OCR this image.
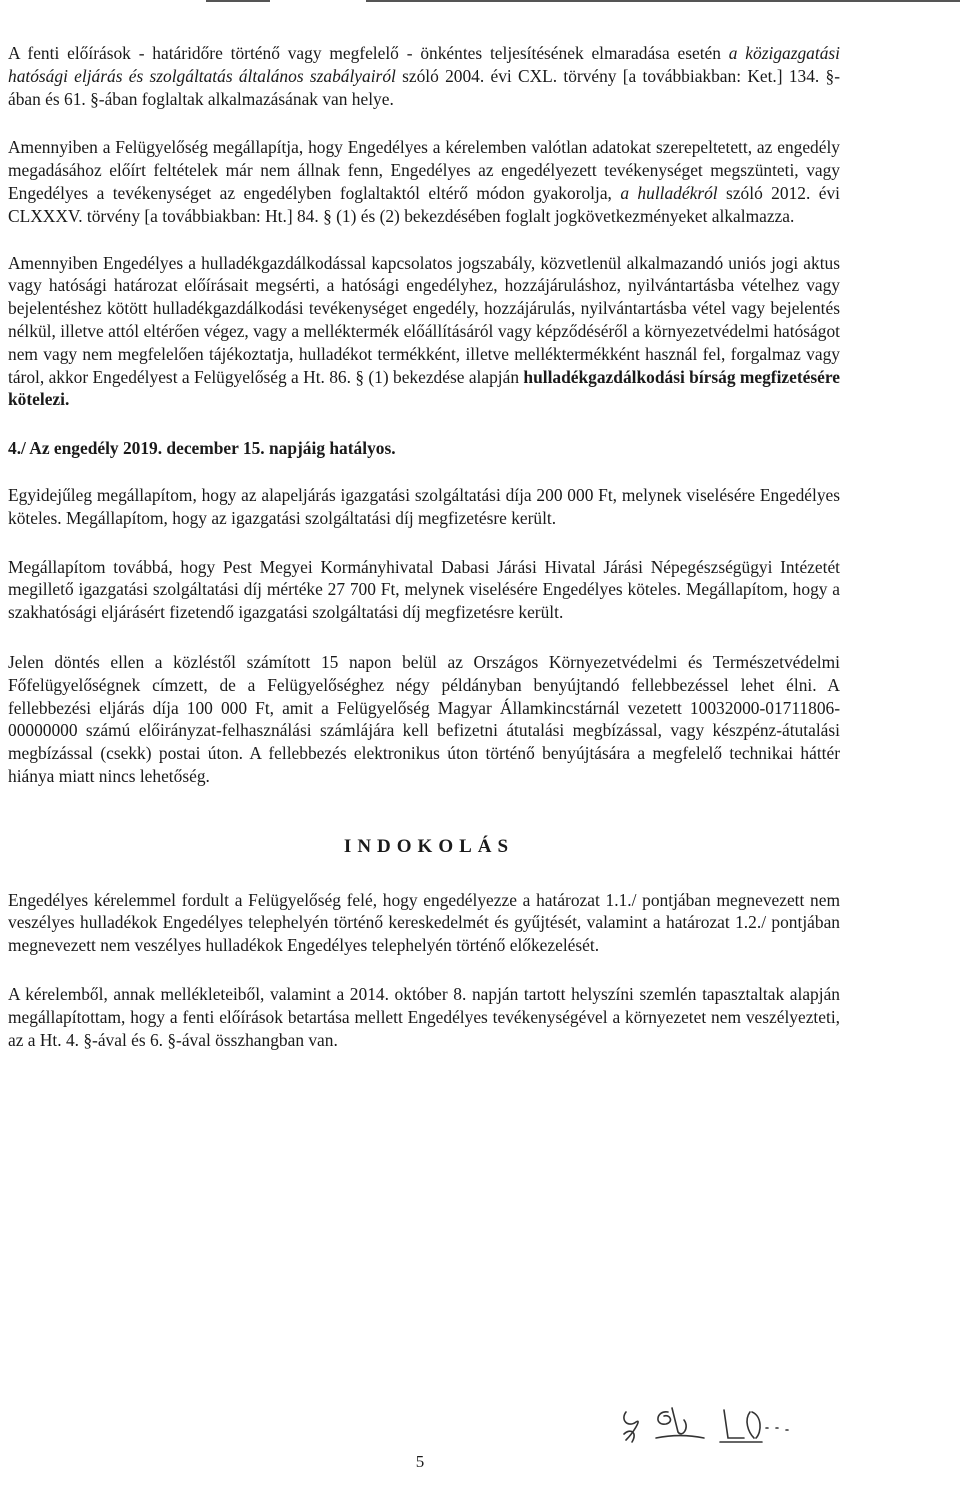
A fenti előírások - határidőre történő vagy megfelelő - önkéntes teljesítésének elmaradása esetén a közigazgatási hatósági eljárás és szolgáltatás általános szabályairól szóló 2004. évi CXL. törvény [a továbbiakban: Ket.] 134. §-ában és 61. §-ában foglaltak alkalmazásának van helye.

Amennyiben a Felügyelőség megállapítja, hogy Engedélyes a kérelemben valótlan adatokat szerepeltetett, az engedély megadásához előírt feltételek már nem állnak fenn, Engedélyes az engedélyezett tevékenységet megszünteti, vagy Engedélyes a tevékenységet az engedélyben foglaltaktól eltérő módon gyakorolja, a hulladékról szóló 2012. évi CLXXXV. törvény [a továbbiakban: Ht.] 84. § (1) és (2) bekezdésében foglalt jogkövetkezményeket alkalmazza.

Amennyiben Engedélyes a hulladékgazdálkodással kapcsolatos jogszabály, közvetlenül alkalmazandó uniós jogi aktus vagy hatósági határozat előírásait megsérti, a hatósági engedélyhez, hozzájáruláshoz, nyilvántartásba vételhez vagy bejelentéshez kötött hulladékgazdálkodási tevékenységet engedély, hozzájárulás, nyilvántartásba vétel vagy bejelentés nélkül, illetve attól eltérően végez, vagy a melléktermék előállításáról vagy képződéséről a környezetvédelmi hatóságot nem vagy nem megfelelően tájékoztatja, hulladékot termékként, illetve melléktermékként használ fel, forgalmaz vagy tárol, akkor Engedélyest a Felügyelőség a Ht. 86. § (1) bekezdése alapján hulladékgazdálkodási bírság megfizetésére kötelezi.

4./ Az engedély 2019. december 15. napjáig hatályos.

Egyidejűleg megállapítom, hogy az alapeljárás igazgatási szolgáltatási díja 200 000 Ft, melynek viselésére Engedélyes köteles. Megállapítom, hogy az igazgatási szolgáltatási díj megfizetésre került.

Megállapítom továbbá, hogy Pest Megyei Kormányhivatal Dabasi Járási Hivatal Járási Népegészségügyi Intézetét megillető igazgatási szolgáltatási díj mértéke 27 700 Ft, melynek viselésére Engedélyes köteles. Megállapítom, hogy a szakhatósági eljárásért fizetendő igazgatási szolgáltatási díj megfizetésre került.

Jelen döntés ellen a közléstől számított 15 napon belül az Országos Környezetvédelmi és Természetvédelmi Főfelügyelőségnek címzett, de a Felügyelőséghez négy példányban benyújtandó fellebbezéssel lehet élni. A fellebbezési eljárás díja 100 000 Ft, amit a Felügyelőség Magyar Államkincstárnál vezetett 10032000-01711806-00000000 számú előirányzat-felhasználási számlájára kell befizetni átutalási megbízással, vagy készpénz-átutalási megbízással (csekk) postai úton. A fellebbezés elektronikus úton történő benyújtására a megfelelő technikai háttér hiánya miatt nincs lehetőség.

INDOKOLÁS

Engedélyes kérelemmel fordult a Felügyelőség felé, hogy engedélyezze a határozat 1.1./ pontjában megnevezett nem veszélyes hulladékok Engedélyes telephelyén történő kereskedelmét és gyűjtését, valamint a határozat 1.2./ pontjában megnevezett nem veszélyes hulladékok Engedélyes telephelyén történő előkezelését.

A kérelemből, annak mellékleteiből, valamint a 2014. október 8. napján tartott helyszíni szemlén tapasztaltak alapján megállapítottam, hogy a fenti előírások betartása mellett Engedélyes tevékenységével a környezetet nem veszélyezteti, az a Ht. 4. §-ával és 6. §-ával összhangban van.

5
